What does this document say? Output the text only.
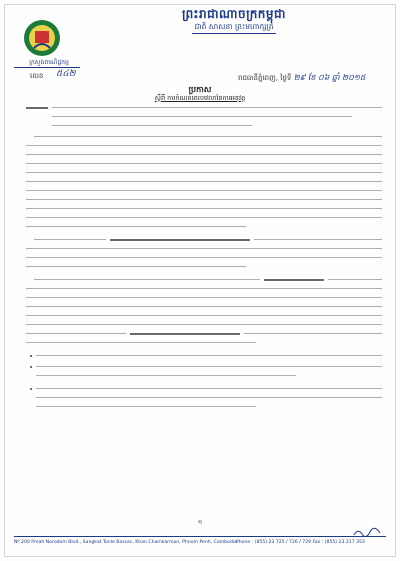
ព្រះរាជាណាចក្រកម្ពុជា
ជាតិ សាសនា ព្រះមហាក្សត្រ
ក្រសួងពាណិជ្ជកម្ម
លេខ ៥៤២	រាជធានីភ្នំពេញ, ថ្ងៃទី ២៩ ខែ ០៦ ឆ្នាំ ២០១៥
ប្រកាស
ស្តីពី ការកំណត់ពេលវេលានៃការអនុវត្ត
១
Nº 200 Preah Norodom Blvd., Sangkat Tonle Bassac, Khan Chamkarmon, Phnom Penh, Cambodia.
Phone : (855) 23 725 / 726 / 729 Fax : (855) 23 217 353
